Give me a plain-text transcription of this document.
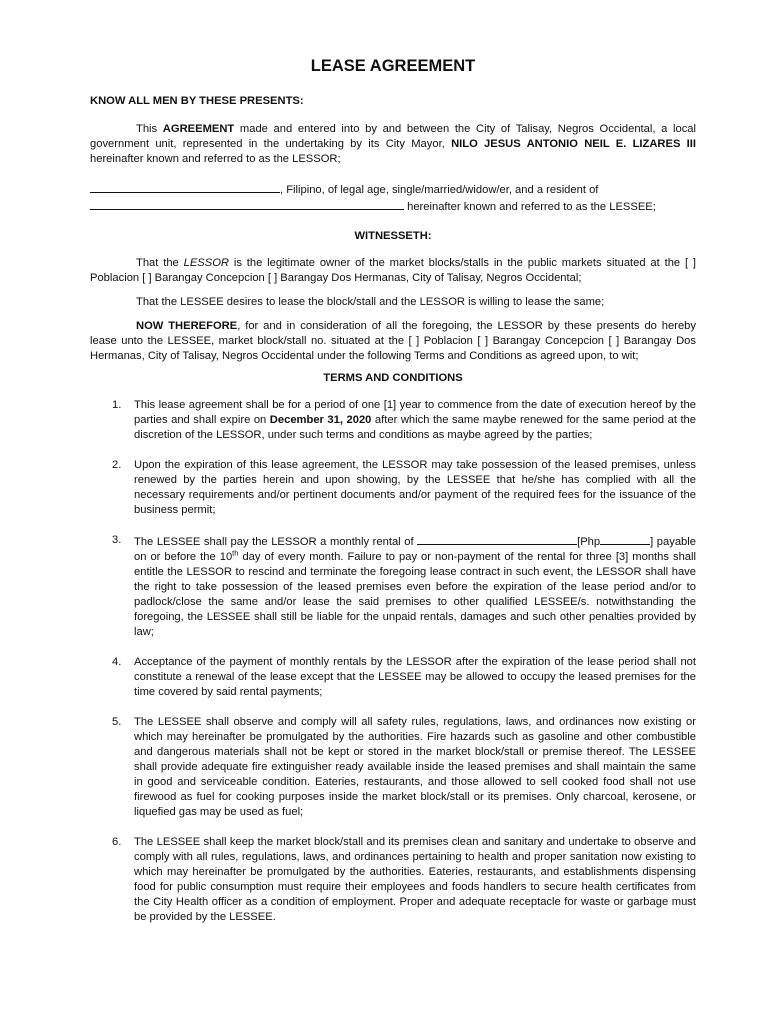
LEASE AGREEMENT

KNOW ALL MEN BY THESE PRESENTS:

This AGREEMENT made and entered into by and between the City of Talisay, Negros Occidental, a local government unit, represented in the undertaking by its City Mayor, NILO JESUS ANTONIO NEIL E. LIZARES III hereinafter known and referred to as the LESSOR;

, Filipino, of legal age, single/married/widow/er, and a resident of
hereinafter known and referred to as the LESSEE;

WITNESSETH:

That the LESSOR is the legitimate owner of the market blocks/stalls in the public markets situated at the [ ] Poblacion [ ] Barangay Concepcion [ ] Barangay Dos Hermanas, City of Talisay, Negros Occidental;

That the LESSEE desires to lease the block/stall and the LESSOR is willing to lease the same;

NOW THEREFORE, for and in consideration of all the foregoing, the LESSOR by these presents do hereby lease unto the LESSEE, market block/stall no. situated at the [ ] Poblacion [ ] Barangay Concepcion [ ] Barangay Dos Hermanas, City of Talisay, Negros Occidental under the following Terms and Conditions as agreed upon, to wit;

TERMS AND CONDITIONS

1. This lease agreement shall be for a period of one [1] year to commence from the date of execution hereof by the parties and shall expire on December 31, 2020 after which the same maybe renewed for the same period at the discretion of the LESSOR, under such terms and conditions as maybe agreed by the parties;
2. Upon the expiration of this lease agreement, the LESSOR may take possession of the leased premises, unless renewed by the parties herein and upon showing, by the LESSEE that he/she has complied with all the necessary requirements and/or pertinent documents and/or payment of the required fees for the issuance of the business permit;
3. The LESSEE shall pay the LESSOR a monthly rental of	[Php	] payable on or before the 10th day of every month. Failure to pay or non-payment of the rental for three [3] months shall entitle the LESSOR to rescind and terminate the foregoing lease contract in such event, the LESSOR shall have the right to take possession of the leased premises even before the expiration of the lease period and/or to padlock/close the same and/or lease the said premises to other qualified LESSEE/s. notwithstanding the foregoing, the LESSEE shall still be liable for the unpaid rentals, damages and such other penalties provided by law;
4. Acceptance of the payment of monthly rentals by the LESSOR after the expiration of the lease period shall not constitute a renewal of the lease except that the LESSEE may be allowed to occupy the leased premises for the time covered by said rental payments;
5. The LESSEE shall observe and comply will all safety rules, regulations, laws, and ordinances now existing or which may hereinafter be promulgated by the authorities. Fire hazards such as gasoline and other combustible and dangerous materials shall not be kept or stored in the market block/stall or premise thereof. The LESSEE shall provide adequate fire extinguisher ready available inside the leased premises and shall maintain the same in good and serviceable condition. Eateries, restaurants, and those allowed to sell cooked food shall not use firewood as fuel for cooking purposes inside the market block/stall or its premises. Only charcoal, kerosene, or liquefied gas may be used as fuel;
6. The LESSEE shall keep the market block/stall and its premises clean and sanitary and undertake to observe and comply with all rules, regulations, laws, and ordinances pertaining to health and proper sanitation now existing to which may hereinafter be promulgated by the authorities. Eateries, restaurants, and establishments dispensing food for public consumption must require their employees and foods handlers to secure health certificates from the City Health officer as a condition of employment. Proper and adequate receptacle for waste or garbage must be provided by the LESSEE.
